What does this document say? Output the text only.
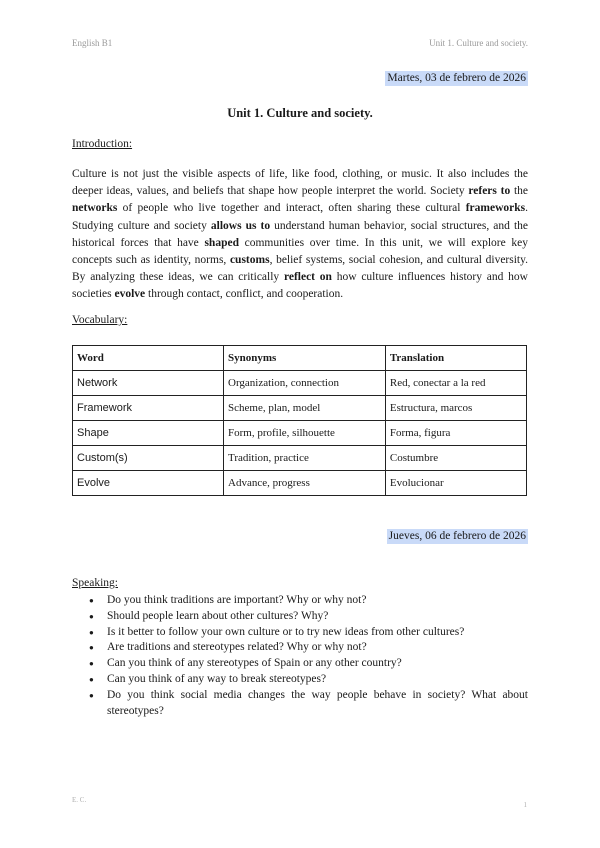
English B1	Unit 1. Culture and society.
Martes, 03 de febrero de 2026
Unit 1. Culture and society.
Introduction:

Culture is not just the visible aspects of life, like food, clothing, or music. It also includes the deeper ideas, values, and beliefs that shape how people interpret the world. Society refers to the networks of people who live together and interact, often sharing these cultural frameworks. Studying culture and society allows us to understand human behavior, social structures, and the historical forces that have shaped communities over time. In this unit, we will explore key concepts such as identity, norms, customs, belief systems, social cohesion, and cultural diversity. By analyzing these ideas, we can critically reflect on how culture influences history and how societies evolve through contact, conflict, and cooperation.

Vocabulary:
Word	Synonyms	Translation
Network	Organization, connection	Red, conectar a la red
Framework	Scheme, plan, model	Estructura, marcos
Shape	Form, profile, silhouette	Forma, figura
Custom(s)	Tradition, practice	Costumbre
Evolve	Advance, progress	Evolucionar
Jueves, 06 de febrero de 2026
Speaking:
● Do you think traditions are important? Why or why not?
● Should people learn about other cultures? Why?
● Is it better to follow your own culture or to try new ideas from other cultures?
● Are traditions and stereotypes related? Why or why not?
● Can you think of any stereotypes of Spain or any other country?
● Can you think of any way to break stereotypes?
● Do you think social media changes the way people behave in society? What about stereotypes?
E. C.
1
